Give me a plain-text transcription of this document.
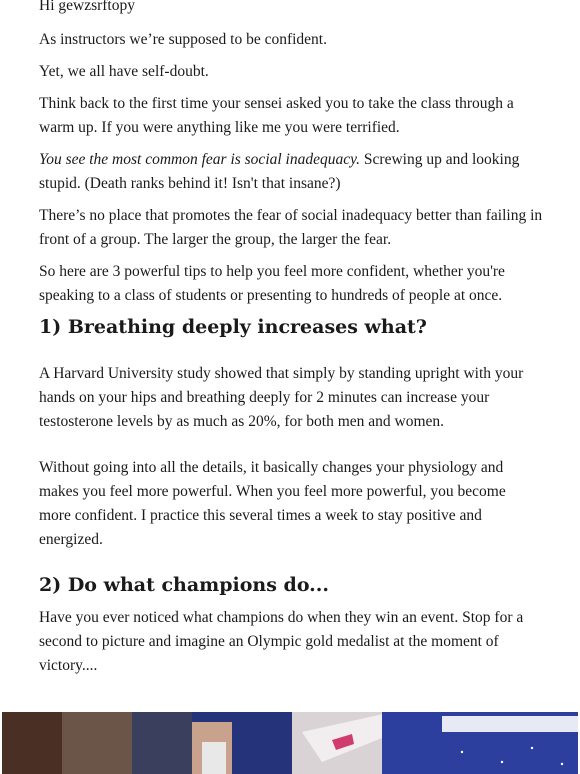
Hi gewzsrftopy

As instructors we’re supposed to be confident.

Yet, we all have self-doubt.

Think back to the first time your sensei asked you to take the class through a warm up. If you were anything like me you were terrified.

You see the most common fear is social inadequacy. Screwing up and looking stupid. (Death ranks behind it! Isn't that insane?)

There’s no place that promotes the fear of social inadequacy better than failing in front of a group. The larger the group, the larger the fear.

So here are 3 powerful tips to help you feel more confident, whether you're speaking to a class of students or presenting to hundreds of people at once.

1) Breathing deeply increases what?

A Harvard University study showed that simply by standing upright with your hands on your hips and breathing deeply for 2 minutes can increase your testosterone levels by as much as 20%, for both men and women.

Without going into all the details, it basically changes your physiology and makes you feel more powerful. When you feel more powerful, you become more confident. I practice this several times a week to stay positive and energized.

2) Do what champions do...

Have you ever noticed what champions do when they win an event. Stop for a second to picture and imagine an Olympic gold medalist at the moment of victory....
